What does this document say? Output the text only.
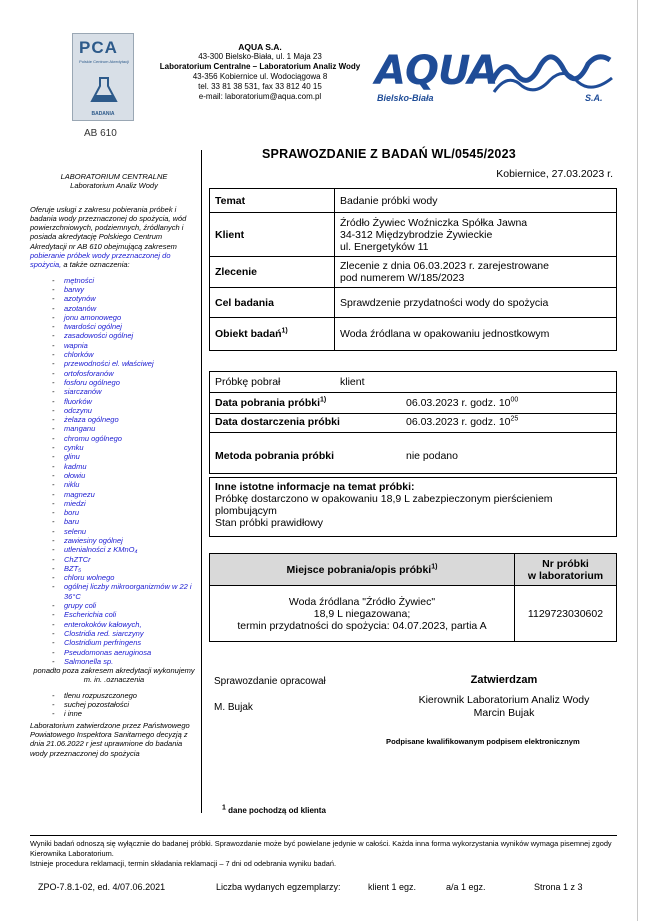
PCA
Polskie Centrum Akredytacji
BADANIA
AB 610
AQUA S.A.
43-300 Bielsko-Biała, ul. 1 Maja 23
Laboratorium Centralne – Laboratorium Analiz Wody
43-356 Kobiernice ul. Wodociągowa 8
tel. 33 81 38 531, fax 33 812 40 15
e-mail: laboratorium@aqua.com.pl
AQUA
Bielsko-Biała	S.A.
LABORATORIUM CENTRALNE
Laboratorium Analiz Wody
Oferuje usługi z zakresu pobierania próbek i badania wody przeznaczonej do spożycia, wód powierzchniowych, podziemnych, źródlanych i posiada akredytację Polskiego Centrum Akredytacji nr AB 610 obejmującą zakresem pobieranie próbek wody przeznaczonej do spożycia, a także oznaczenia:
- mętności
- barwy
- azotynów
- azotanów
- jonu amonowego
- twardości ogólnej
- zasadowości ogólnej
- wapnia
- chlorków
- przewodności el. właściwej
- ortofosforanów
- fosforu ogólnego
- siarczanów
- fluorków
- odczynu
- żelaza ogólnego
- manganu
- chromu ogólnego
- cynku
- glinu
- kadmu
- ołowiu
- niklu
- magnezu
- miedzi
- boru
- baru
- selenu
- zawiesiny ogólnej
- utlenialności z KMnO₄
- ChZTCr
- BZT₅
- chloru wolnego
- ogólnej liczby mikroorganizmów w 22 i 36°C
- grupy coli
- Escherichia coli
- enterokoków kałowych,
- Clostridia red. siarczyny
- Clostridium perfringens
- Pseudomonas aeruginosa
- Salmonella sp.
ponadto poza zakresem akredytacji wykonujemy
m. in. .oznaczenia
- tlenu rozpuszczonego
- suchej pozostałości
- i inne
Laboratorium zatwierdzone przez Państwowego Powiatowego Inspektora Sanitarnego decyzją z dnia 21.06.2022 r jest uprawnione do badania wody przeznaczonej do spożycia
SPRAWOZDANIE Z BADAŃ WL/0545/2023
Kobiernice, 27.03.2023 r.
Temat	Badanie próbki wody
Klient	Źródło Żywiec Woźniczka Spółka Jawna
34-312 Międzybrodzie Żywieckie
ul. Energetyków 11

Zlecenie	Zlecenie z dnia 06.03.2023 r. zarejestrowane
pod numerem W/185/2023

Cel badania	Sprawdzenie przydatności wody do spożycia
Obiekt badań$^{1)}$	Woda źródlana w opakowaniu jednostkowym
Próbkę pobrał	klient
Data pobrania próbki$^{1)}$	06.03.2023 r. godz. $10^{00}$
Data dostarczenia próbki	06.03.2023 r. godz. $10^{25}$
Metoda pobrania próbki	nie podano
Inne istotne informacje na temat próbki:
Próbkę dostarczono w opakowaniu 18,9 L zabezpieczonym pierścieniem
plombującym
Stan próbki prawidłowy
Miejsce pobrania/opis próbki$^{1)}$	Nr próbki
w laboratorium

Woda źródlana "Źródło Żywiec"
18,9 L niegazowana;
termin przydatności do spożycia: 04.07.2023, partia A	1129723030602
Sprawozdanie opracował
M. Bujak
Zatwierdzam
Kierownik Laboratorium Analiz Wody
Marcin Bujak
Podpisane kwalifikowanym podpisem elektronicznym
1 dane pochodzą od klienta
Wyniki badań odnoszą się wyłącznie do badanej próbki. Sprawozdanie może być powielane jedynie w całości. Każda inna forma wykorzystania wyników wymaga pisemnej zgody Kierownika Laboratorium.
Istnieje procedura reklamacji, termin składania reklamacji – 7 dni od odebrania wyniku badań.
ZPO-7.8.1-02, ed. 4/07.06.2021	Liczba wydanych egzemplarzy:	klient 1 egz.	a/a 1 egz.	Strona 1 z 3
